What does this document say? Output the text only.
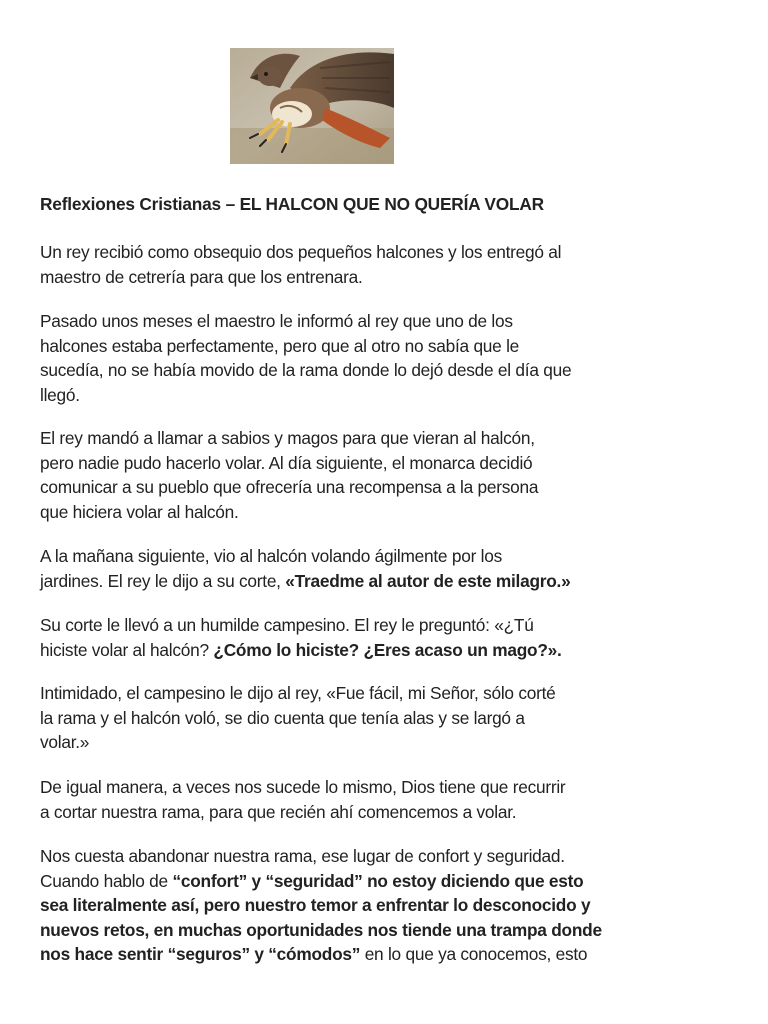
Reflexiones Cristianas – EL HALCON QUE NO QUERÍA VOLAR

Un rey recibió como obsequio dos pequeños halcones y los entregó al
maestro de cetrería para que los entrenara.

Pasado unos meses el maestro le informó al rey que uno de los
halcones estaba perfectamente, pero que al otro no sabía que le
sucedía, no se había movido de la rama donde lo dejó desde el día que
llegó.

El rey mandó a llamar a sabios y magos para que vieran al halcón,
pero nadie pudo hacerlo volar. Al día siguiente, el monarca decidió
comunicar a su pueblo que ofrecería una recompensa a la persona
que hiciera volar al halcón.

A la mañana siguiente, vio al halcón volando ágilmente por los
jardines. El rey le dijo a su corte, «Traedme al autor de este milagro.»

Su corte le llevó a un humilde campesino. El rey le preguntó: «¿Tú
hiciste volar al halcón? ¿Cómo lo hiciste? ¿Eres acaso un mago?».

Intimidado, el campesino le dijo al rey, «Fue fácil, mi Señor, sólo corté
la rama y el halcón voló, se dio cuenta que tenía alas y se largó a
volar.»

De igual manera, a veces nos sucede lo mismo, Dios tiene que recurrir
a cortar nuestra rama, para que recién ahí comencemos a volar.

Nos cuesta abandonar nuestra rama, ese lugar de confort y seguridad.
Cuando hablo de “confort” y “seguridad” no estoy diciendo que esto
sea literalmente así, pero nuestro temor a enfrentar lo desconocido y
nuevos retos, en muchas oportunidades nos tiende una trampa donde
nos hace sentir “seguros” y “cómodos” en lo que ya conocemos, esto
